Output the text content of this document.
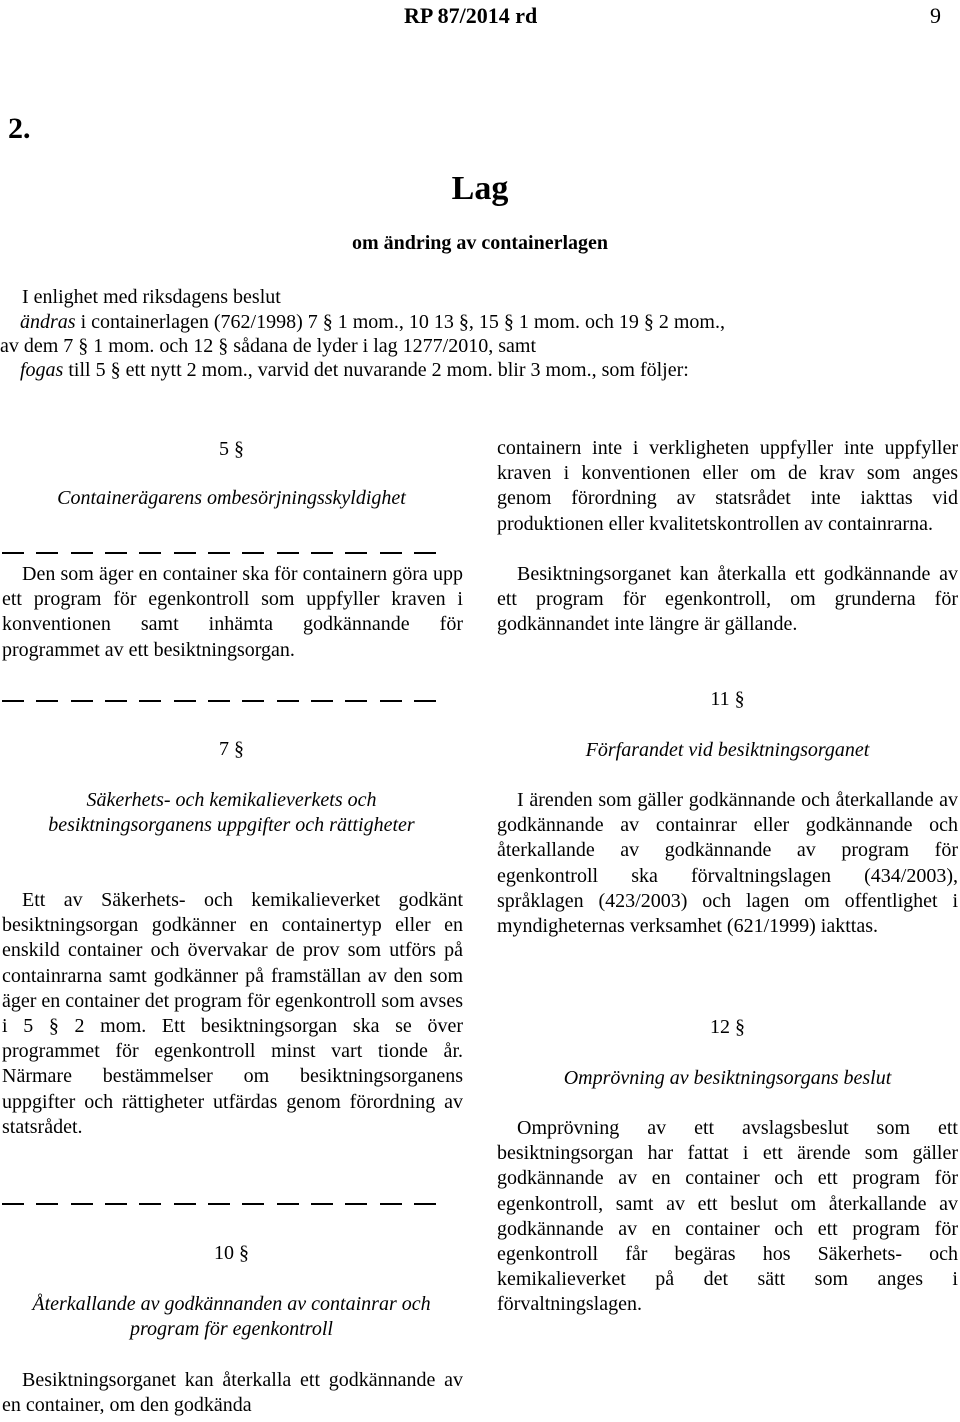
RP 87/2014 rd	9
2.
Lag
om ändring av containerlagen
I enlighet med riksdagens beslut
ändras i containerlagen (762/1998) 7 § 1 mom., 10 13 §, 15 § 1 mom. och 19 § 2 mom.,
av dem 7 § 1 mom. och 12 § sådana de lyder i lag 1277/2010, samt
fogas till 5 § ett nytt 2 mom., varvid det nuvarande 2 mom. blir 3 mom., som följer:
5 §
Containerägarens ombesörjningsskyldighet
Den som äger en container ska för containern göra upp ett program för egenkontroll som uppfyller kraven i konventionen samt inhämta godkännande för programmet av ett besiktningsorgan.
7 §
Säkerhets- och kemikalieverkets och besiktningsorganens uppgifter och rättigheter
Ett av Säkerhets- och kemikalieverket godkänt besiktningsorgan godkänner en containertyp eller en enskild container och övervakar de prov som utförs på containrarna samt godkänner på framställan av den som äger en container det program för egenkontroll som avses i 5 § 2 mom. Ett besiktningsorgan ska se över programmet för egenkontroll minst vart tionde år. Närmare bestämmelser om besiktningsorganens uppgifter och rättigheter utfärdas genom förordning av statsrådet.
10 §
Återkallande av godkännanden av containrar och program för egenkontroll
Besiktningsorganet kan återkalla ett godkännande av en container, om den godkända
containern inte i verkligheten uppfyller inte uppfyller kraven i konventionen eller om de krav som anges genom förordning av statsrådet inte iakttas vid produktionen eller kvalitetskontrollen av containrarna.
Besiktningsorganet kan återkalla ett godkännande av ett program för egenkontroll, om grunderna för godkännandet inte längre är gällande.
11 §
Förfarandet vid besiktningsorganet
I ärenden som gäller godkännande och återkallande av godkännande av containrar eller godkännande och återkallande av godkännande av program för egenkontroll ska förvaltningslagen (434/2003), språklagen (423/2003) och lagen om offentlighet i myndigheternas verksamhet (621/1999) iakttas.
12 §
Omprövning av besiktningsorgans beslut
Omprövning av ett avslagsbeslut som ett besiktningsorgan har fattat i ett ärende som gäller godkännande av en container och ett program för egenkontroll, samt av ett beslut om återkallande av godkännande av en container och ett program för egenkontroll får begäras hos Säkerhets- och kemikalieverket på det sätt som anges i förvaltningslagen.
